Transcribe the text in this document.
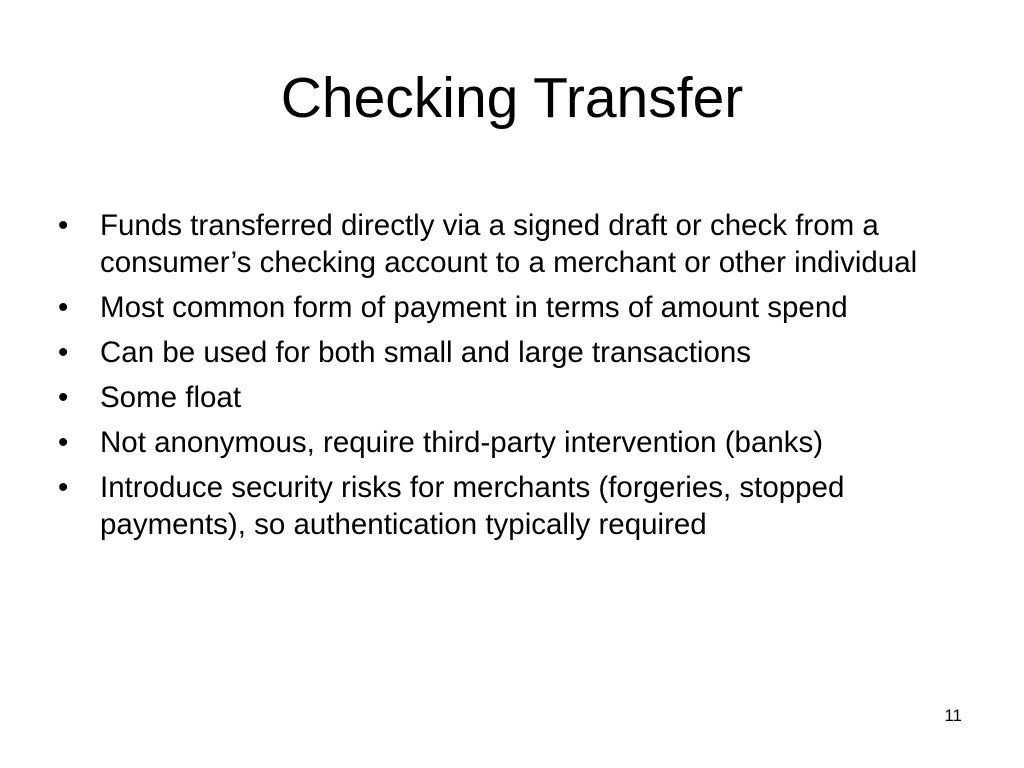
Checking Transfer
•	Funds transferred directly via a signed draft or check from a consumer’s checking account to a merchant or other individual
•	Most common form of payment in terms of amount spend
•	Can be used for both small and large transactions
•	Some float
•	Not anonymous, require third-party intervention (banks)
•	Introduce security risks for merchants (forgeries, stopped payments), so authentication typically required
11
